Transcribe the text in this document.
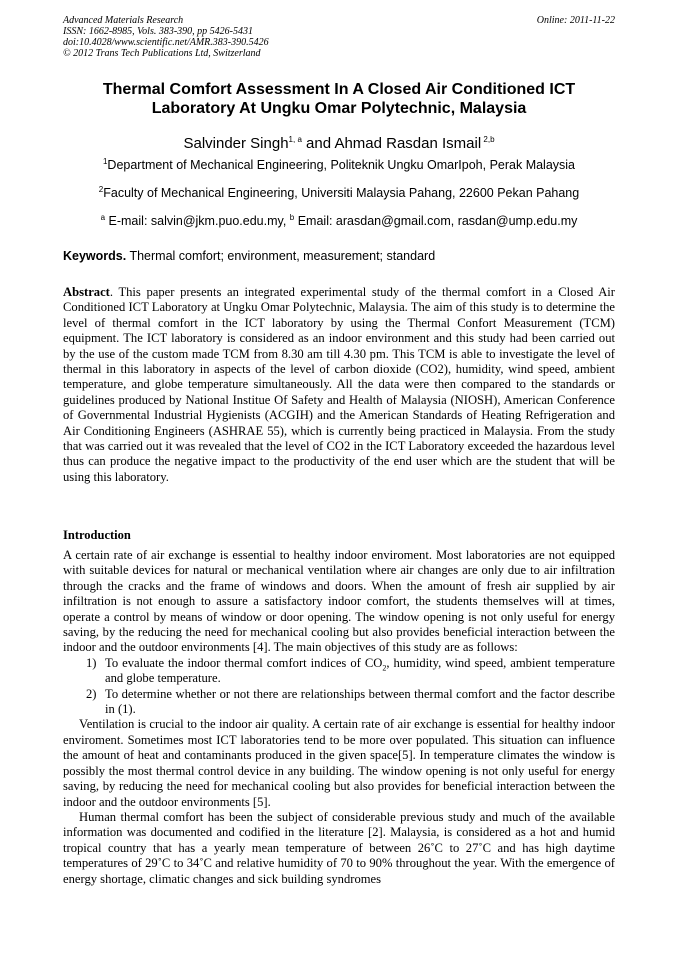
Advanced Materials Research
ISSN: 1662-8985, Vols. 383-390, pp 5426-5431
doi:10.4028/www.scientific.net/AMR.383-390.5426
© 2012 Trans Tech Publications Ltd, Switzerland
Online: 2011-11-22
Thermal Comfort Assessment In A Closed Air Conditioned ICT Laboratory At Ungku Omar Polytechnic, Malaysia
Salvinder Singh$^{1, a}$ and Ahmad Rasdan Ismail $^{2,b}$
$^1$Department of Mechanical Engineering, Politeknik Ungku OmarIpoh, Perak Malaysia
$^2$Faculty of Mechanical Engineering, Universiti Malaysia Pahang, 22600 Pekan Pahang
$^a$ E-mail: salvin@jkm.puo.edu.my, $^b$ Email: arasdan@gmail.com, rasdan@ump.edu.my
Keywords. Thermal comfort; environment, measurement; standard

Abstract. This paper presents an integrated experimental study of the thermal comfort in a Closed Air Conditioned ICT Laboratory at Ungku Omar Polytechnic, Malaysia. The aim of this study is to determine the level of thermal comfort in the ICT laboratory by using the Thermal Confort Measurement (TCM) equipment. The ICT laboratory is considered as an indoor environment and this study had been carried out by the use of the custom made TCM from 8.30 am till 4.30 pm. This TCM is able to investigate the level of thermal in this laboratory in aspects of the level of carbon dioxide (CO2), humidity, wind speed, ambient temperature, and globe temperature simultaneously. All the data were then compared to the standards or guidelines produced by National Institue Of Safety and Health of Malaysia (NIOSH), American Conference of Governmental Industrial Hygienists (ACGIH) and the American Standards of Heating Refrigeration and Air Conditioning Engineers (ASHRAE 55), which is currently being practiced in Malaysia. From the study that was carried out it was revealed that the level of CO2 in the ICT Laboratory exceeded the hazardous level thus can produce the negative impact to the productivity of the end user which are the student that will be using this laboratory.

Introduction

A certain rate of air exchange is essential to healthy indoor enviroment. Most laboratories are not equipped with suitable devices for natural or mechanical ventilation where air changes are only due to air infiltration through the cracks and the frame of windows and doors. When the amount of fresh air supplied by air infiltration is not enough to assure a satisfactory indoor comfort, the students themselves will at times, operate a control by means of window or door opening. The window opening is not only useful for energy saving, by the reducing the need for mechanical cooling but also provides beneficial interaction between the indoor and the outdoor environments [4]. The main objectives of this study are as follows:

1) To evaluate the indoor thermal comfort indices of $CO_2$, humidity, wind speed, ambient temperature and globe temperature.
2) To determine whether or not there are relationships between thermal comfort and the factor describe in (1).

Ventilation is crucial to the indoor air quality. A certain rate of air exchange is essential for healthy indoor enviroment. Sometimes most ICT laboratories tend to be more over populated. This situation can influence the amount of heat and contaminants produced in the given space[5]. In temperature climates the window is possibly the most thermal control device in any building. The window opening is not only useful for energy saving, by reducing the need for mechanical cooling but also provides for beneficial interaction between the indoor and the outdoor environments [5].

Human thermal comfort has been the subject of considerable previous study and much of the available information was documented and codified in the literature [2]. Malaysia, is considered as a hot and humid tropical country that has a yearly mean temperature of between 26˚C to 27˚C and has high daytime temperatures of 29˚C to 34˚C and relative humidity of 70 to 90% throughout the year. With the emergence of energy shortage, climatic changes and sick building syndromes
